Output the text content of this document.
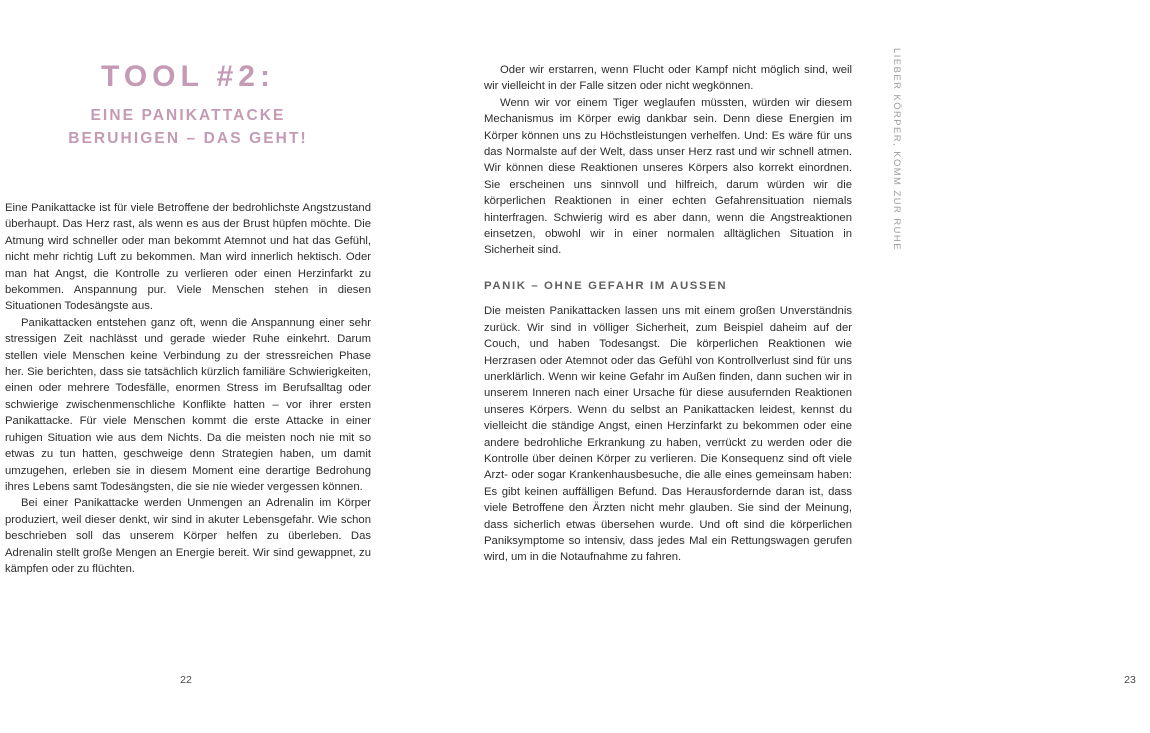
TOOL #2:
EINE PANIKATTACKE
BERUHIGEN – DAS GEHT!

Eine Panikattacke ist für viele Betroffene der bedrohlichste Angstzustand überhaupt. Das Herz rast, als wenn es aus der Brust hüpfen möchte. Die Atmung wird schneller oder man bekommt Atemnot und hat das Gefühl, nicht mehr richtig Luft zu bekommen. Man wird innerlich hektisch. Oder man hat Angst, die Kontrolle zu verlieren oder einen Herzinfarkt zu bekommen. Anspannung pur. Viele Menschen stehen in diesen Situationen Todesängste aus.

Panikattacken entstehen ganz oft, wenn die Anspannung einer sehr stressigen Zeit nachlässt und gerade wieder Ruhe einkehrt. Darum stellen viele Menschen keine Verbindung zu der stressreichen Phase her. Sie berichten, dass sie tatsächlich kürzlich familiäre Schwierigkeiten, einen oder mehrere Todesfälle, enormen Stress im Berufsalltag oder schwierige zwischenmenschliche Konflikte hatten – vor ihrer ersten Panikattacke. Für viele Menschen kommt die erste Attacke in einer ruhigen Situation wie aus dem Nichts. Da die meisten noch nie mit so etwas zu tun hatten, geschweige denn Strategien haben, um damit umzugehen, erleben sie in diesem Moment eine derartige Bedrohung ihres Lebens samt Todesängsten, die sie nie wieder vergessen können.

Bei einer Panikattacke werden Unmengen an Adrenalin im Körper produziert, weil dieser denkt, wir sind in akuter Lebensgefahr. Wie schon beschrieben soll das unserem Körper helfen zu überleben. Das Adrenalin stellt große Mengen an Energie bereit. Wir sind gewappnet, zu kämpfen oder zu flüchten.

22

Oder wir erstarren, wenn Flucht oder Kampf nicht möglich sind, weil wir vielleicht in der Falle sitzen oder nicht wegkönnen.

Wenn wir vor einem Tiger weglaufen müssten, würden wir diesem Mechanismus im Körper ewig dankbar sein. Denn diese Energien im Körper können uns zu Höchstleistungen verhelfen. Und: Es wäre für uns das Normalste auf der Welt, dass unser Herz rast und wir schnell atmen. Wir können diese Reaktionen unseres Körpers also korrekt einordnen. Sie erscheinen uns sinnvoll und hilfreich, darum würden wir die körperlichen Reaktionen in einer echten Gefahrensituation niemals hinterfragen. Schwierig wird es aber dann, wenn die Angstreaktionen einsetzen, obwohl wir in einer normalen alltäglichen Situation in Sicherheit sind.

PANIK – OHNE GEFAHR IM AUSSEN

Die meisten Panikattacken lassen uns mit einem großen Unverständnis zurück. Wir sind in völliger Sicherheit, zum Beispiel daheim auf der Couch, und haben Todesangst. Die körperlichen Reaktionen wie Herzrasen oder Atemnot oder das Gefühl von Kontrollverlust sind für uns unerklärlich. Wenn wir keine Gefahr im Außen finden, dann suchen wir in unserem Inneren nach einer Ursache für diese ausufernden Reaktionen unseres Körpers. Wenn du selbst an Panikattacken leidest, kennst du vielleicht die ständige Angst, einen Herzinfarkt zu bekommen oder eine andere bedrohliche Erkrankung zu haben, verrückt zu werden oder die Kontrolle über deinen Körper zu verlieren. Die Konsequenz sind oft viele Arzt- oder sogar Krankenhausbesuche, die alle eines gemeinsam haben: Es gibt keinen auffälligen Befund. Das Herausfordernde daran ist, dass viele Betroffene den Ärzten nicht mehr glauben. Sie sind der Meinung, dass sicherlich etwas übersehen wurde. Und oft sind die körperlichen Paniksymptome so intensiv, dass jedes Mal ein Rettungswagen gerufen wird, um in die Notaufnahme zu fahren.

23
LIEBER KÖRPER, KOMM ZUR RUHE
